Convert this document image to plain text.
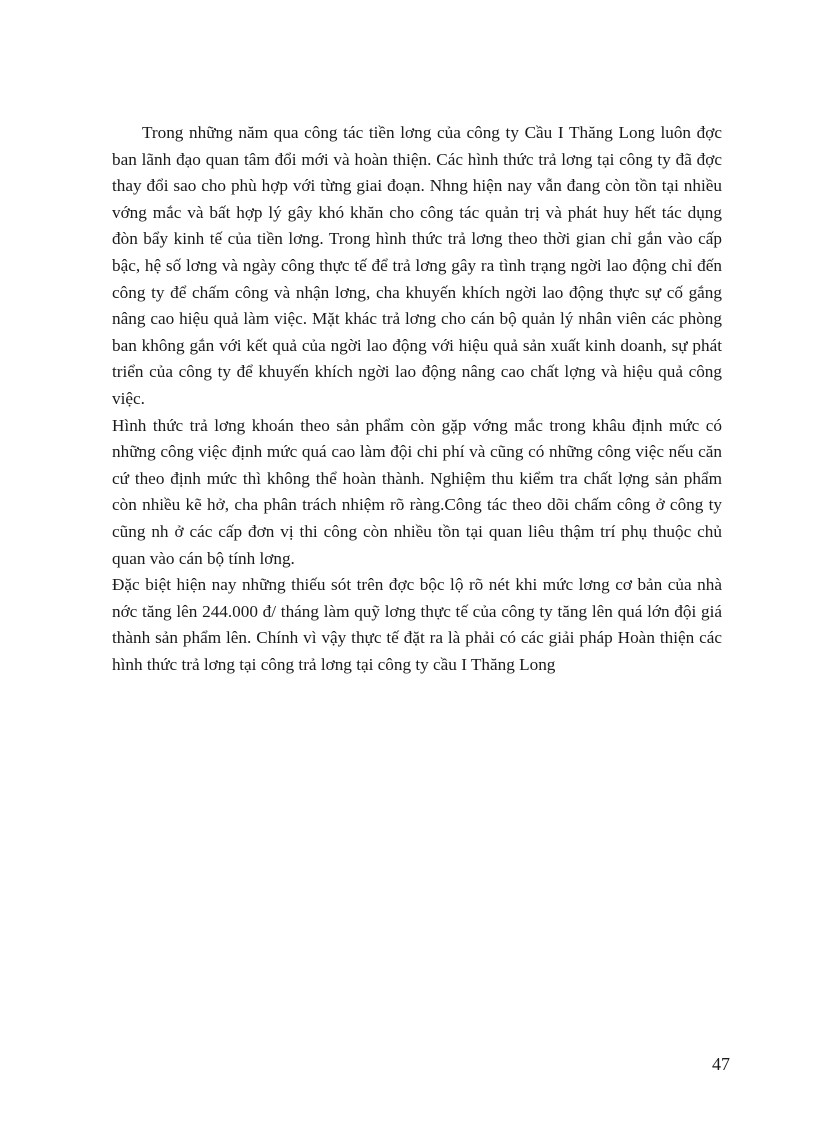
Trong những năm qua công tác tiền lơng của công ty Cầu I Thăng Long luôn đợc ban lãnh đạo quan tâm đổi mới và hoàn thiện. Các hình thức trả lơng tại công ty đã đợc thay đổi sao cho phù hợp với từng giai đoạn. Nhng hiện nay vẫn đang còn tồn tại nhiều vớng mắc và bất hợp lý gây khó khăn cho công tác quản trị và phát huy hết tác dụng đòn bẩy kinh tế của tiền lơng. Trong hình thức trả lơng theo thời gian chỉ gắn vào cấp bậc, hệ số lơng và ngày công thực tế để trả lơng gây ra tình trạng ngời lao động chỉ đến công ty để chấm công và nhận lơng, cha khuyến khích ngời lao động thực sự cố gắng nâng cao hiệu quả làm việc. Mặt khác trả lơng cho cán bộ quản lý nhân viên các phòng ban không gắn với kết quả của ngời lao động với hiệu quả sản xuất kinh doanh, sự phát triển của công ty để khuyến khích ngời lao động nâng cao chất lợng và hiệu quả công việc.

Hình thức trả lơng khoán theo sản phẩm còn gặp vớng mắc trong khâu định mức có những công việc định mức quá cao làm đội chi phí và cũng có những công việc nếu căn cứ theo định mức thì không thể hoàn thành. Nghiệm thu kiểm tra chất lợng sản phẩm còn nhiều kẽ hở, cha phân trách nhiệm rõ ràng.Công tác theo dõi chấm công ở công ty cũng nh ở các cấp đơn vị thi công còn nhiều tồn tại quan liêu thậm trí phụ thuộc chủ quan vào cán bộ tính lơng.

Đặc biệt hiện nay những thiếu sót trên đợc bộc lộ rõ nét khi mức lơng cơ bản của nhà nớc tăng lên 244.000 đ/ tháng làm quỹ lơng thực tế của công ty tăng lên quá lớn đội giá thành sản phẩm lên. Chính vì vậy thực tế đặt ra là phải có các giải pháp Hoàn thiện các hình thức trả lơng tại công trả lơng tại công ty cầu I Thăng Long

47
